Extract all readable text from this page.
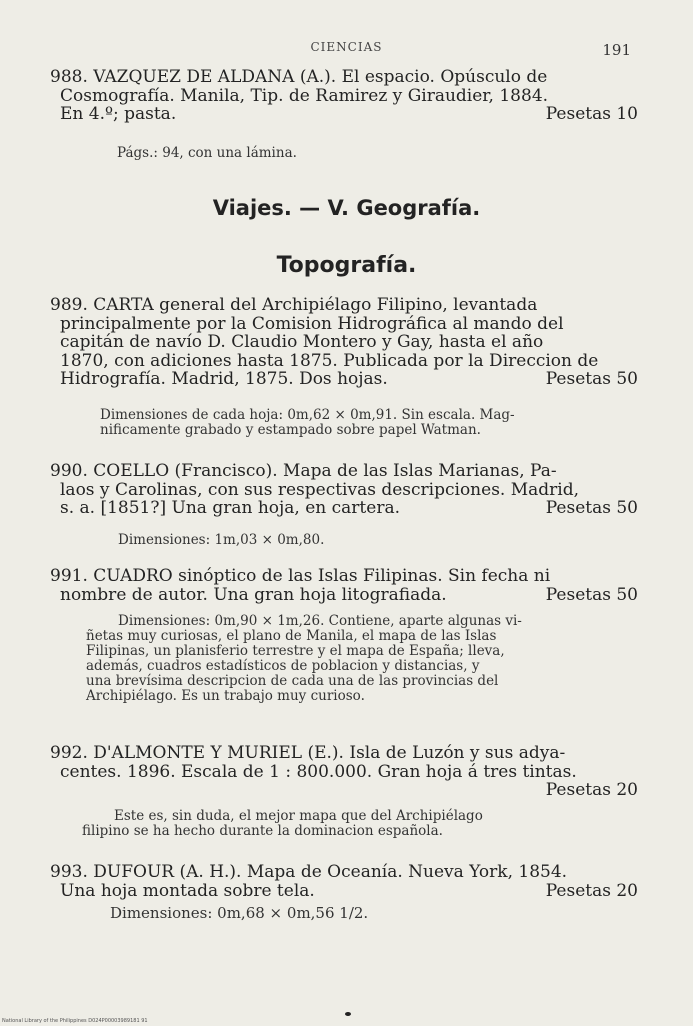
CIENCIAS	191
988. VAZQUEZ DE ALDANA (A.). El espacio. Opúsculo de
Cosmografía. Manila, Tip. de Ramirez y Giraudier, 1884.
En 4.º; pasta.	Pesetas 10
Págs.: 94, con una lámina.
Viajes. — V. Geografía.
Topografía.
989. CARTA general del Archipiélago Filipino, levantada
principalmente por la Comision Hidrográfica al mando del
capitán de navío D. Claudio Montero y Gay, hasta el año
1870, con adiciones hasta 1875. Publicada por la Direccion de
Hidrografía. Madrid, 1875. Dos hojas.	Pesetas 50
Dimensiones de cada hoja: 0m,62 × 0m,91. Sin escala. Mag-
nificamente grabado y estampado sobre papel Watman.
990. COELLO (Francisco). Mapa de las Islas Marianas, Pa-
laos y Carolinas, con sus respectivas descripciones. Madrid,
s. a. [1851?] Una gran hoja, en cartera.	Pesetas 50
Dimensiones: 1m,03 × 0m,80.
991. CUADRO sinóptico de las Islas Filipinas. Sin fecha ni
nombre de autor. Una gran hoja litografiada.	Pesetas 50
Dimensiones: 0m,90 × 1m,26. Contiene, aparte algunas vi-
ñetas muy curiosas, el plano de Manila, el mapa de las Islas
Filipinas, un planisferio terrestre y el mapa de España; lleva,
además, cuadros estadísticos de poblacion y distancias, y
una brevísima descripcion de cada una de las provincias del
Archipiélago. Es un trabajo muy curioso.
992. D'ALMONTE Y MURIEL (E.). Isla de Luzón y sus adya-
centes. 1896. Escala de 1 : 800.000. Gran hoja á tres tintas.
Pesetas 20
Este es, sin duda, el mejor mapa que del Archipiélago
filipino se ha hecho durante la dominacion española.
993. DUFOUR (A. H.). Mapa de Oceanía. Nueva York, 1854.
Una hoja montada sobre tela.	Pesetas 20
Dimensiones: 0m,68 × 0m,56 1/2.
National Library of the Philippines D024P00003989181 91
